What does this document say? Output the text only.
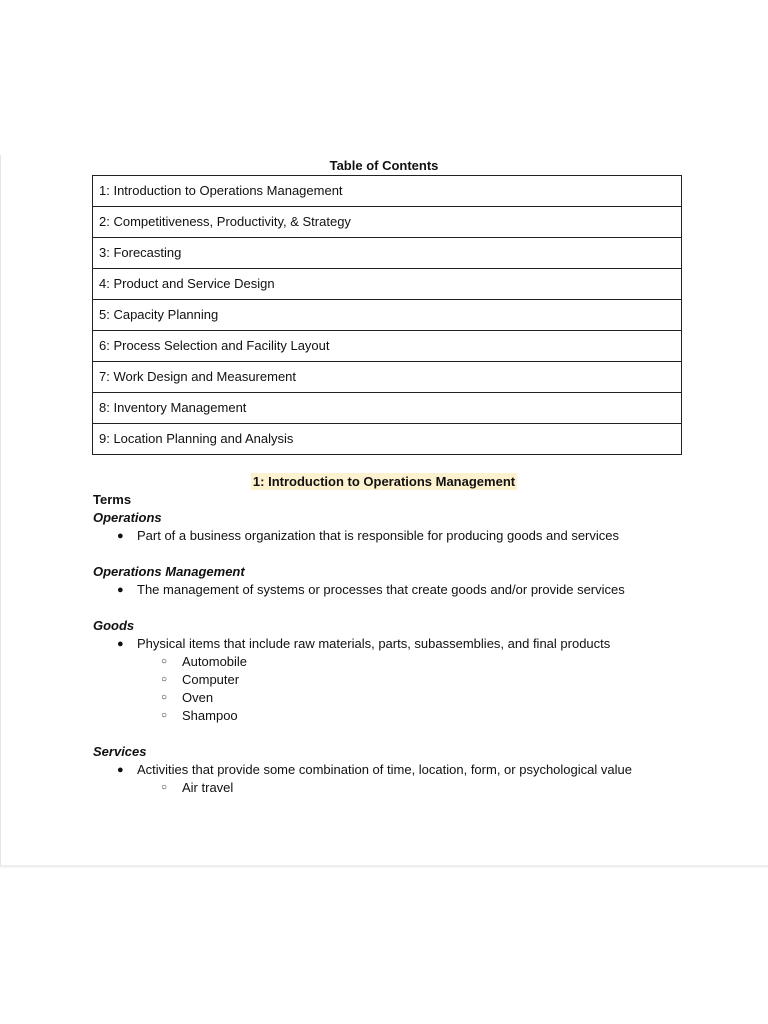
Table of Contents
1: Introduction to Operations Management
2: Competitiveness, Productivity, & Strategy
3: Forecasting
4: Product and Service Design
5: Capacity Planning
6: Process Selection and Facility Layout
7: Work Design and Measurement
8: Inventory Management
9: Location Planning and Analysis
1: Introduction to Operations Management
Terms
Operations
● Part of a business organization that is responsible for producing goods and services
Operations Management
● The management of systems or processes that create goods and/or provide services
Goods
● Physical items that include raw materials, parts, subassemblies, and final products
○ Automobile
○ Computer
○ Oven
○ Shampoo
Services
● Activities that provide some combination of time, location, form, or psychological value
○ Air travel
